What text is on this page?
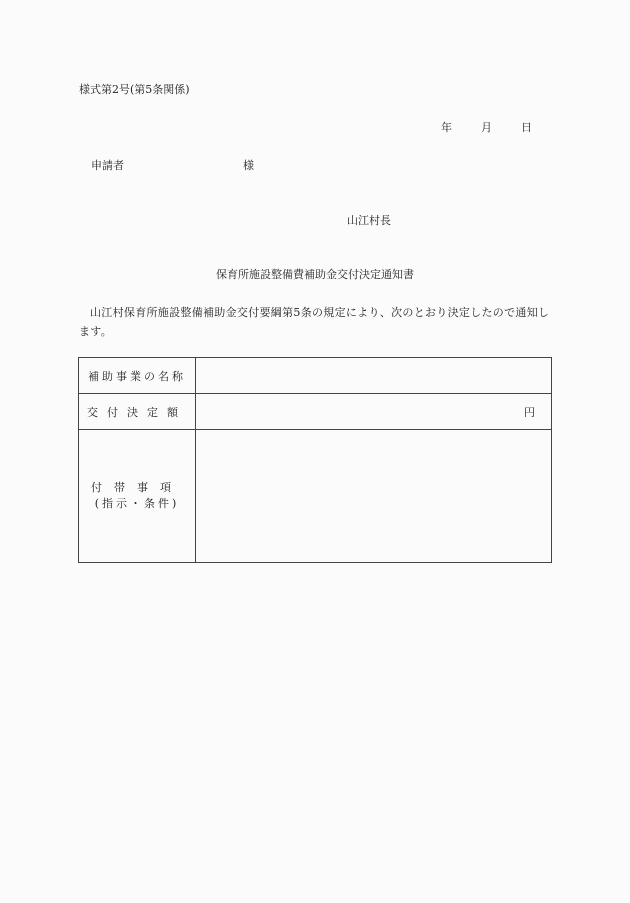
様式第2号(第5条関係)
年	月	日
申請者	様
山江村長
保育所施設整備費補助金交付決定通知書
山江村保育所施設整備補助金交付要綱第5条の規定により、次のとおり決定したので通知します。
補助事業の名称	
交付決定額	円

付帯事項
(指示・条件)	
